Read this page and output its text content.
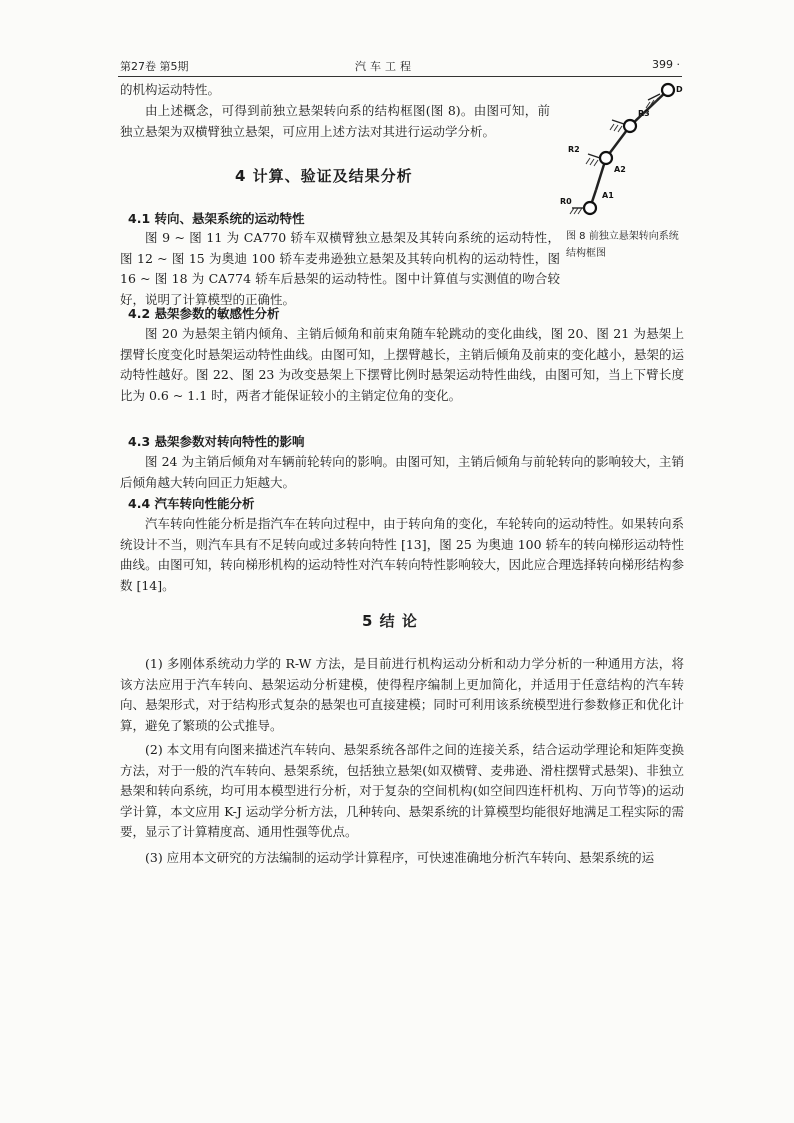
第27卷 第5期	汽车工程	399 ·

的机构运动特性。

由上述概念，可得到前独立悬架转向系的结构框图(图 8)。由图可知，前独立悬架为双横臂独立悬架，可应用上述方法对其进行运动学分析。

D
A2
A1
R3
R2
R0

图 8 前独立悬架转向系统结构框图

4 计算、验证及结果分析
4.1 转向、悬架系统的运动特性

图 9 ~ 图 11 为 CA770 轿车双横臂独立悬架及其转向系统的运动特性，图 12 ~ 图 15 为奥迪 100 轿车麦弗逊独立悬架及其转向机构的运动特性，图 16 ~ 图 18 为 CA774 轿车后悬架的运动特性。图中计算值与实测值的吻合较好，说明了计算模型的正确性。

4.2 悬架参数的敏感性分析

图 20 为悬架主销内倾角、主销后倾角和前束角随车轮跳动的变化曲线，图 20、图 21 为悬架上摆臂长度变化时悬架运动特性曲线。由图可知，上摆臂越长，主销后倾角及前束的变化越小，悬架的运动特性越好。图 22、图 23 为改变悬架上下摆臂比例时悬架运动特性曲线，由图可知，当上下臂长度比为 0.6 ~ 1.1 时，两者才能保证较小的主销定位角的变化。

4.3 悬架参数对转向特性的影响

图 24 为主销后倾角对车辆前轮转向的影响。由图可知，主销后倾角与前轮转向的影响较大，主销后倾角越大转向回正力矩越大。

4.4 汽车转向性能分析

汽车转向性能分析是指汽车在转向过程中，由于转向角的变化，车轮转向的运动特性。如果转向系统设计不当，则汽车具有不足转向或过多转向特性 [13]，图 25 为奥迪 100 轿车的转向梯形运动特性曲线。由图可知，转向梯形机构的运动特性对汽车转向特性影响较大，因此应合理选择转向梯形结构参数 [14]。

5 结 论

(1) 多刚体系统动力学的 R-W 方法，是目前进行机构运动分析和动力学分析的一种通用方法，将该方法应用于汽车转向、悬架运动分析建模，使得程序编制上更加简化，并适用于任意结构的汽车转向、悬架形式，对于结构形式复杂的悬架也可直接建模；同时可利用该系统模型进行参数修正和优化计算，避免了繁琐的公式推导。

(2) 本文用有向图来描述汽车转向、悬架系统各部件之间的连接关系，结合运动学理论和矩阵变换方法，对于一般的汽车转向、悬架系统，包括独立悬架(如双横臂、麦弗逊、滑柱摆臂式悬架)、非独立悬架和转向系统，均可用本模型进行分析，对于复杂的空间机构(如空间四连杆机构、万向节等)的运动学计算，本文应用 K-J 运动学分析方法，几种转向、悬架系统的计算模型均能很好地满足工程实际的需要，显示了计算精度高、通用性强等优点。

(3) 应用本文研究的方法编制的运动学计算程序，可快速准确地分析汽车转向、悬架系统的运
